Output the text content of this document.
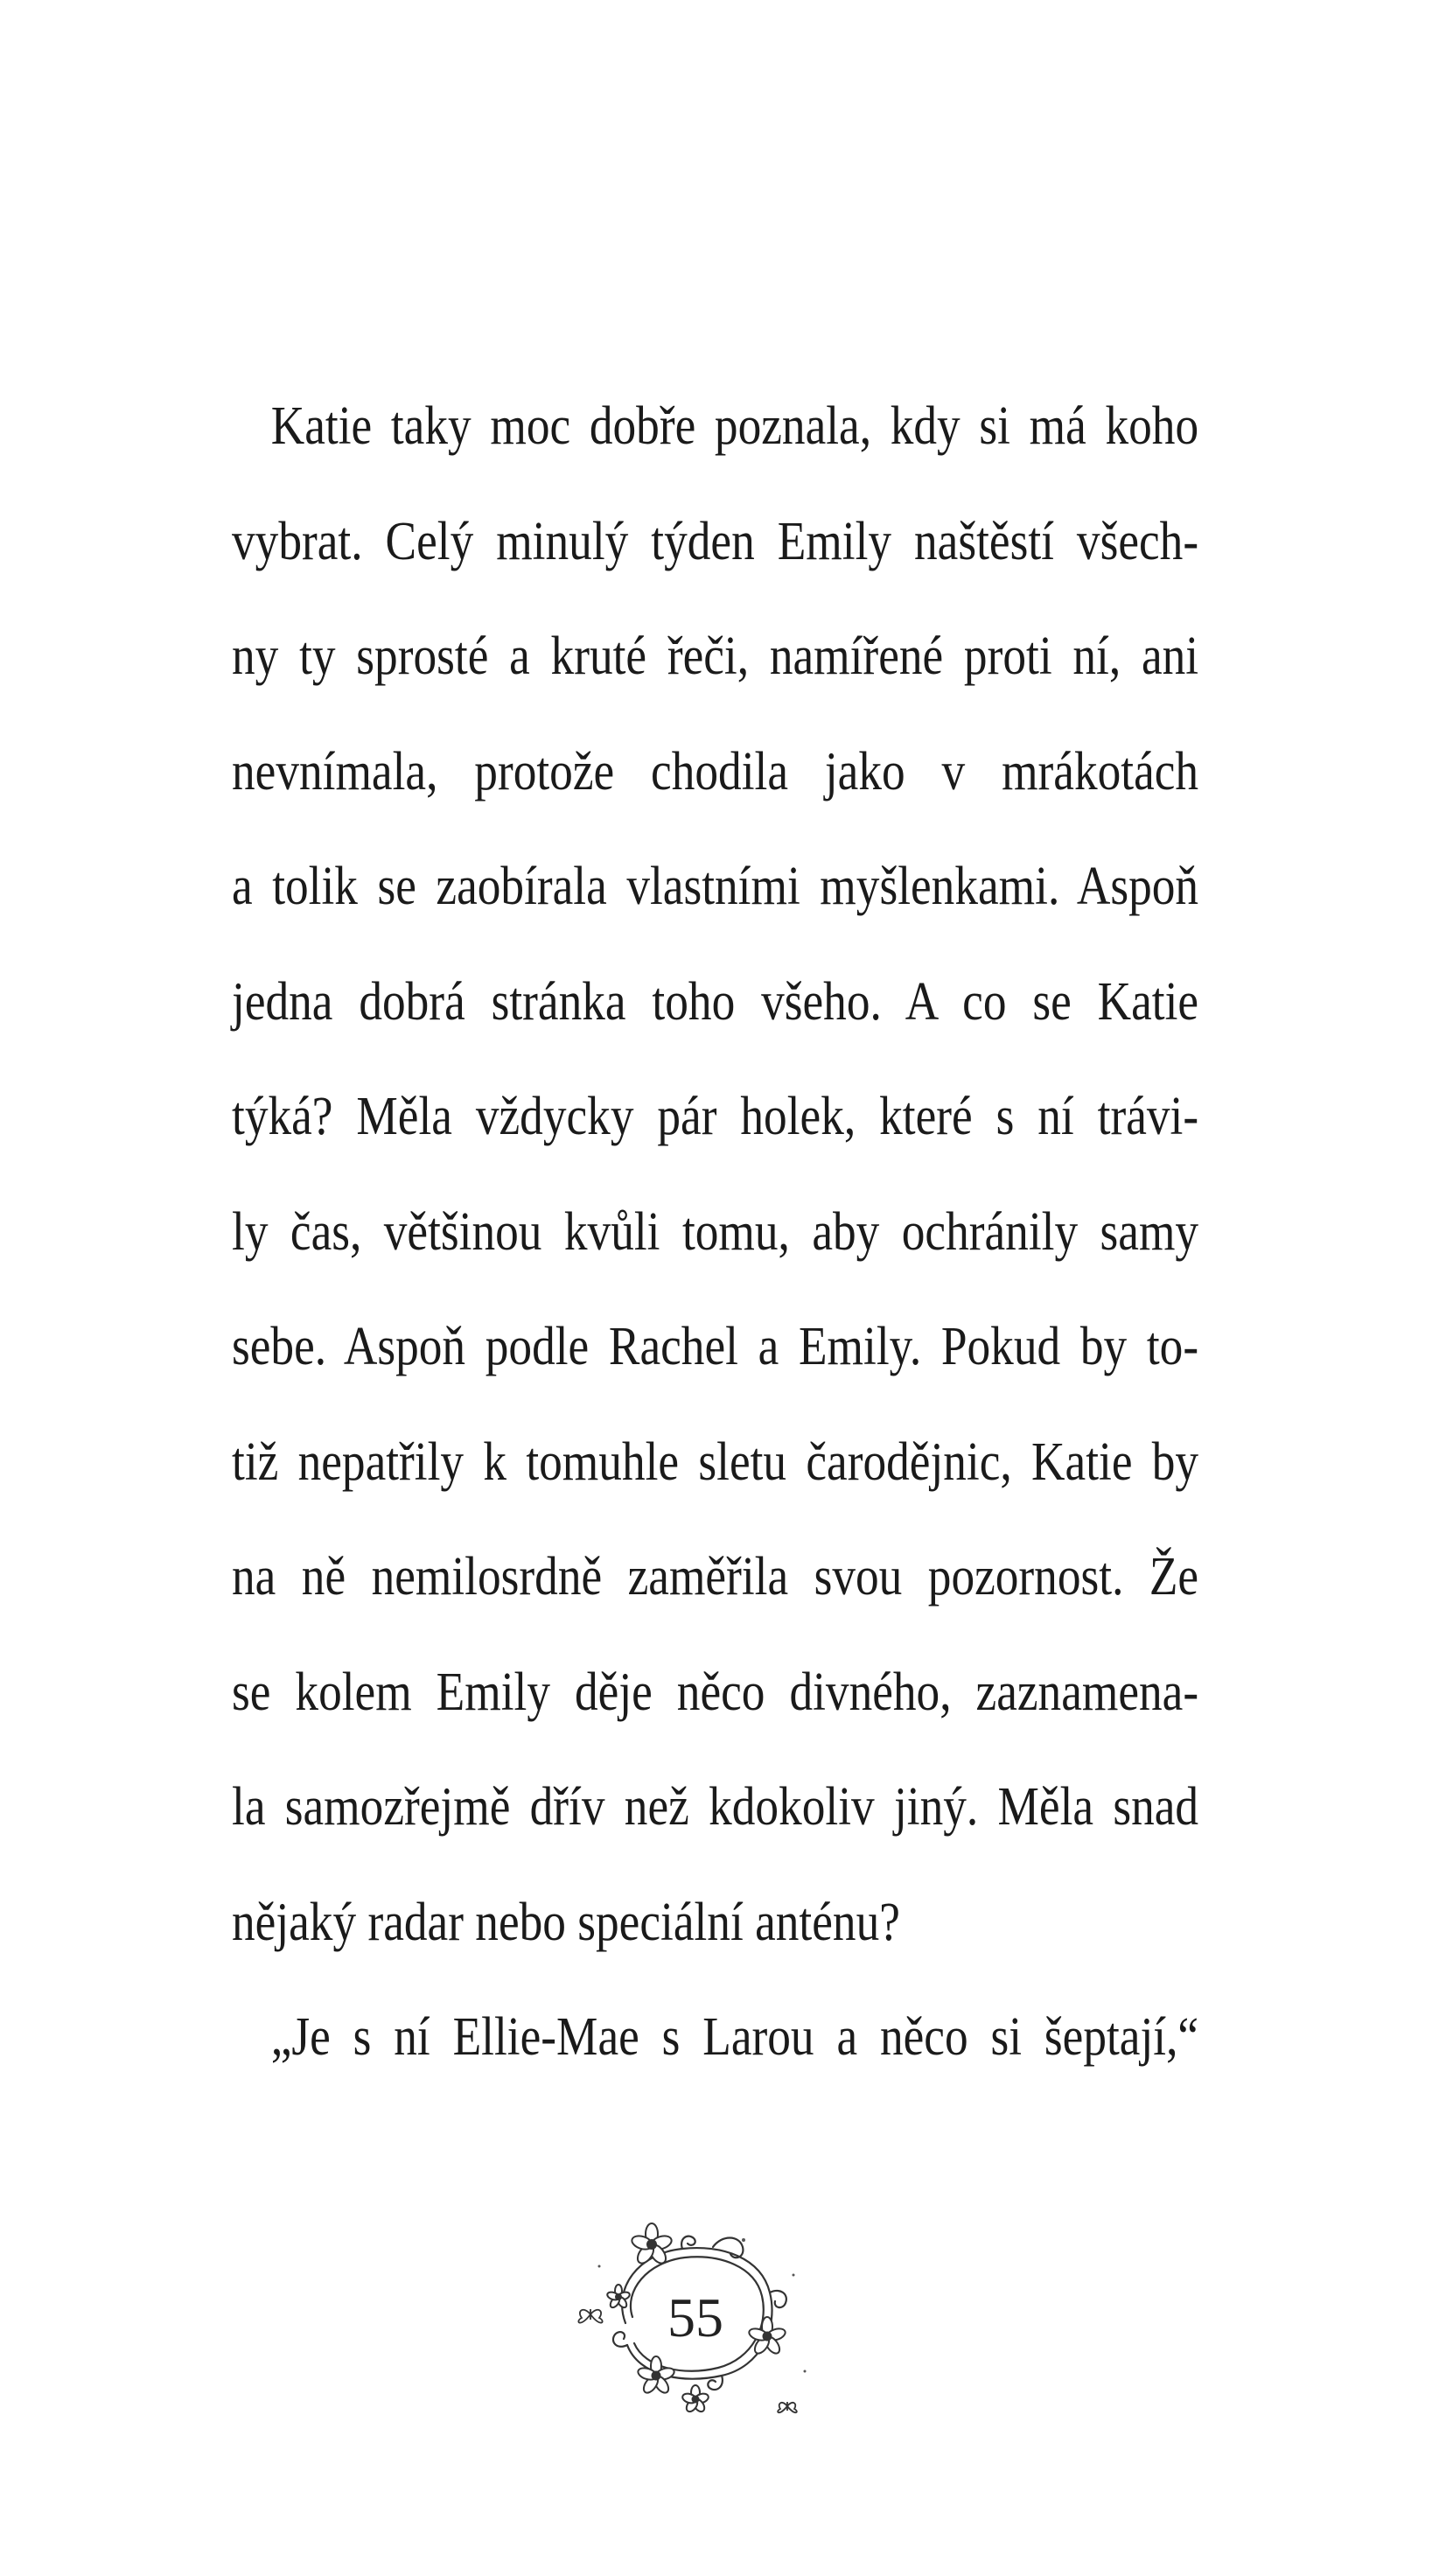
Katie taky moc dobře poznala, kdy si má koho
vybrat. Celý minulý týden Emily naštěstí všech-
ny ty sprosté a kruté řeči, namířené proti ní, ani
nevnímala, protože chodila jako v mrákotách
a tolik se zaobírala vlastními myšlenkami. Aspoň
jedna dobrá stránka toho všeho. A co se Katie
týká? Měla vždycky pár holek, které s ní trávi-
ly čas, většinou kvůli tomu, aby ochránily samy
sebe. Aspoň podle Rachel a Emily. Pokud by to-
tiž nepatřily k tomuhle sletu čarodějnic, Katie by
na ně nemilosrdně zaměřila svou pozornost. Že
se kolem Emily děje něco divného, zaznamena-
la samozřejmě dřív než kdokoliv jiný. Měla snad
nějaký radar nebo speciální anténu?
„Je s ní Ellie-Mae s Larou a něco si šeptají,“
55
